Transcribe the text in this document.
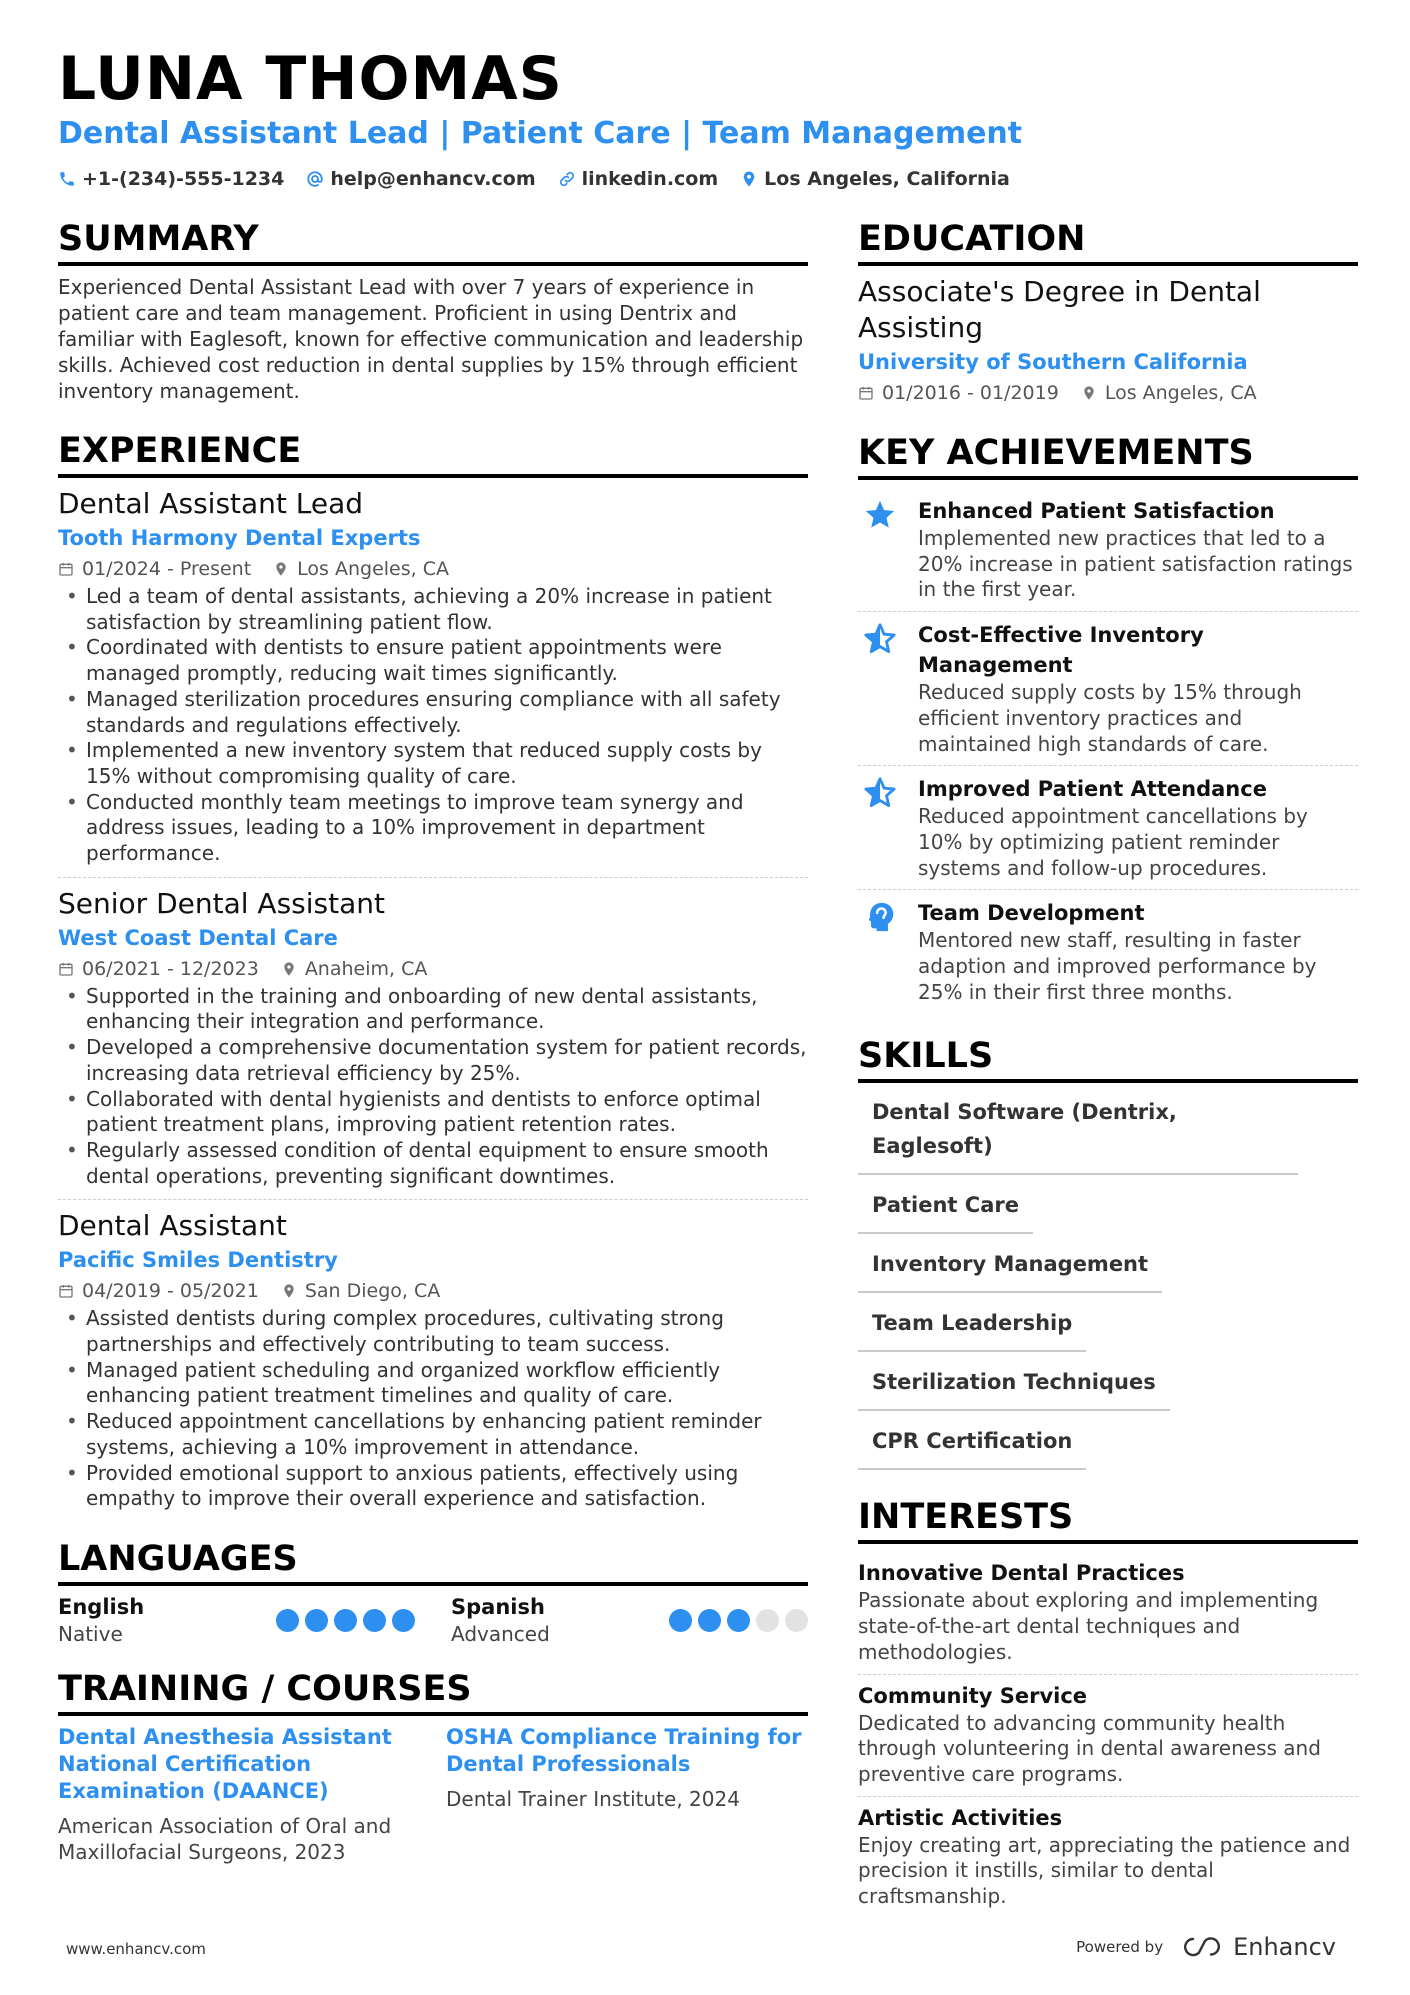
LUNA THOMAS
Dental Assistant Lead | Patient Care | Team Management
+1-(234)-555-1234 help@enhancv.com linkedin.com Los Angeles, California
SUMMARY

Experienced Dental Assistant Lead with over 7 years of experience in patient care and team management. Proficient in using Dentrix and familiar with Eaglesoft, known for effective communication and leadership skills. Achieved cost reduction in dental supplies by 15% through efficient inventory management.

EXPERIENCE
Dental Assistant Lead
Tooth Harmony Dental Experts
01/2024 - Present Los Angeles, CA
• Led a team of dental assistants, achieving a 20% increase in patient satisfaction by streamlining patient flow.
• Coordinated with dentists to ensure patient appointments were managed promptly, reducing wait times significantly.
• Managed sterilization procedures ensuring compliance with all safety standards and regulations effectively.
• Implemented a new inventory system that reduced supply costs by 15% without compromising quality of care.
• Conducted monthly team meetings to improve team synergy and address issues, leading to a 10% improvement in department performance.
Senior Dental Assistant
West Coast Dental Care
06/2021 - 12/2023 Anaheim, CA
• Supported in the training and onboarding of new dental assistants, enhancing their integration and performance.
• Developed a comprehensive documentation system for patient records, increasing data retrieval efficiency by 25%.
• Collaborated with dental hygienists and dentists to enforce optimal patient treatment plans, improving patient retention rates.
• Regularly assessed condition of dental equipment to ensure smooth dental operations, preventing significant downtimes.
Dental Assistant
Pacific Smiles Dentistry
04/2019 - 05/2021 San Diego, CA
• Assisted dentists during complex procedures, cultivating strong partnerships and effectively contributing to team success.
• Managed patient scheduling and organized workflow efficiently enhancing patient treatment timelines and quality of care.
• Reduced appointment cancellations by enhancing patient reminder systems, achieving a 10% improvement in attendance.
• Provided emotional support to anxious patients, effectively using empathy to improve their overall experience and satisfaction.
LANGUAGES
English
Native
Spanish
Advanced
TRAINING / COURSES
Dental Anesthesia Assistant National Certification Examination (DAANCE)
American Association of Oral and Maxillofacial Surgeons, 2023
OSHA Compliance Training for Dental Professionals
Dental Trainer Institute, 2024
EDUCATION
Associate's Degree in Dental Assisting
University of Southern California
01/2016 - 01/2019 Los Angeles, CA
KEY ACHIEVEMENTS
Enhanced Patient Satisfaction
Implemented new practices that led to a 20% increase in patient satisfaction ratings in the first year.
Cost-Effective Inventory Management
Reduced supply costs by 15% through efficient inventory practices and maintained high standards of care.
Improved Patient Attendance
Reduced appointment cancellations by 10% by optimizing patient reminder systems and follow-up procedures.
Team Development
Mentored new staff, resulting in faster adaption and improved performance by 25% in their first three months.
SKILLS
Dental Software (Dentrix, Eaglesoft)
Patient Care
Inventory Management
Team Leadership
Sterilization Techniques
CPR Certification
INTERESTS
Innovative Dental Practices
Passionate about exploring and implementing state-of-the-art dental techniques and methodologies.
Community Service
Dedicated to advancing community health through volunteering in dental awareness and preventive care programs.
Artistic Activities
Enjoy creating art, appreciating the patience and precision it instills, similar to dental craftsmanship.
www.enhancv.com	Powered by	Enhancv
